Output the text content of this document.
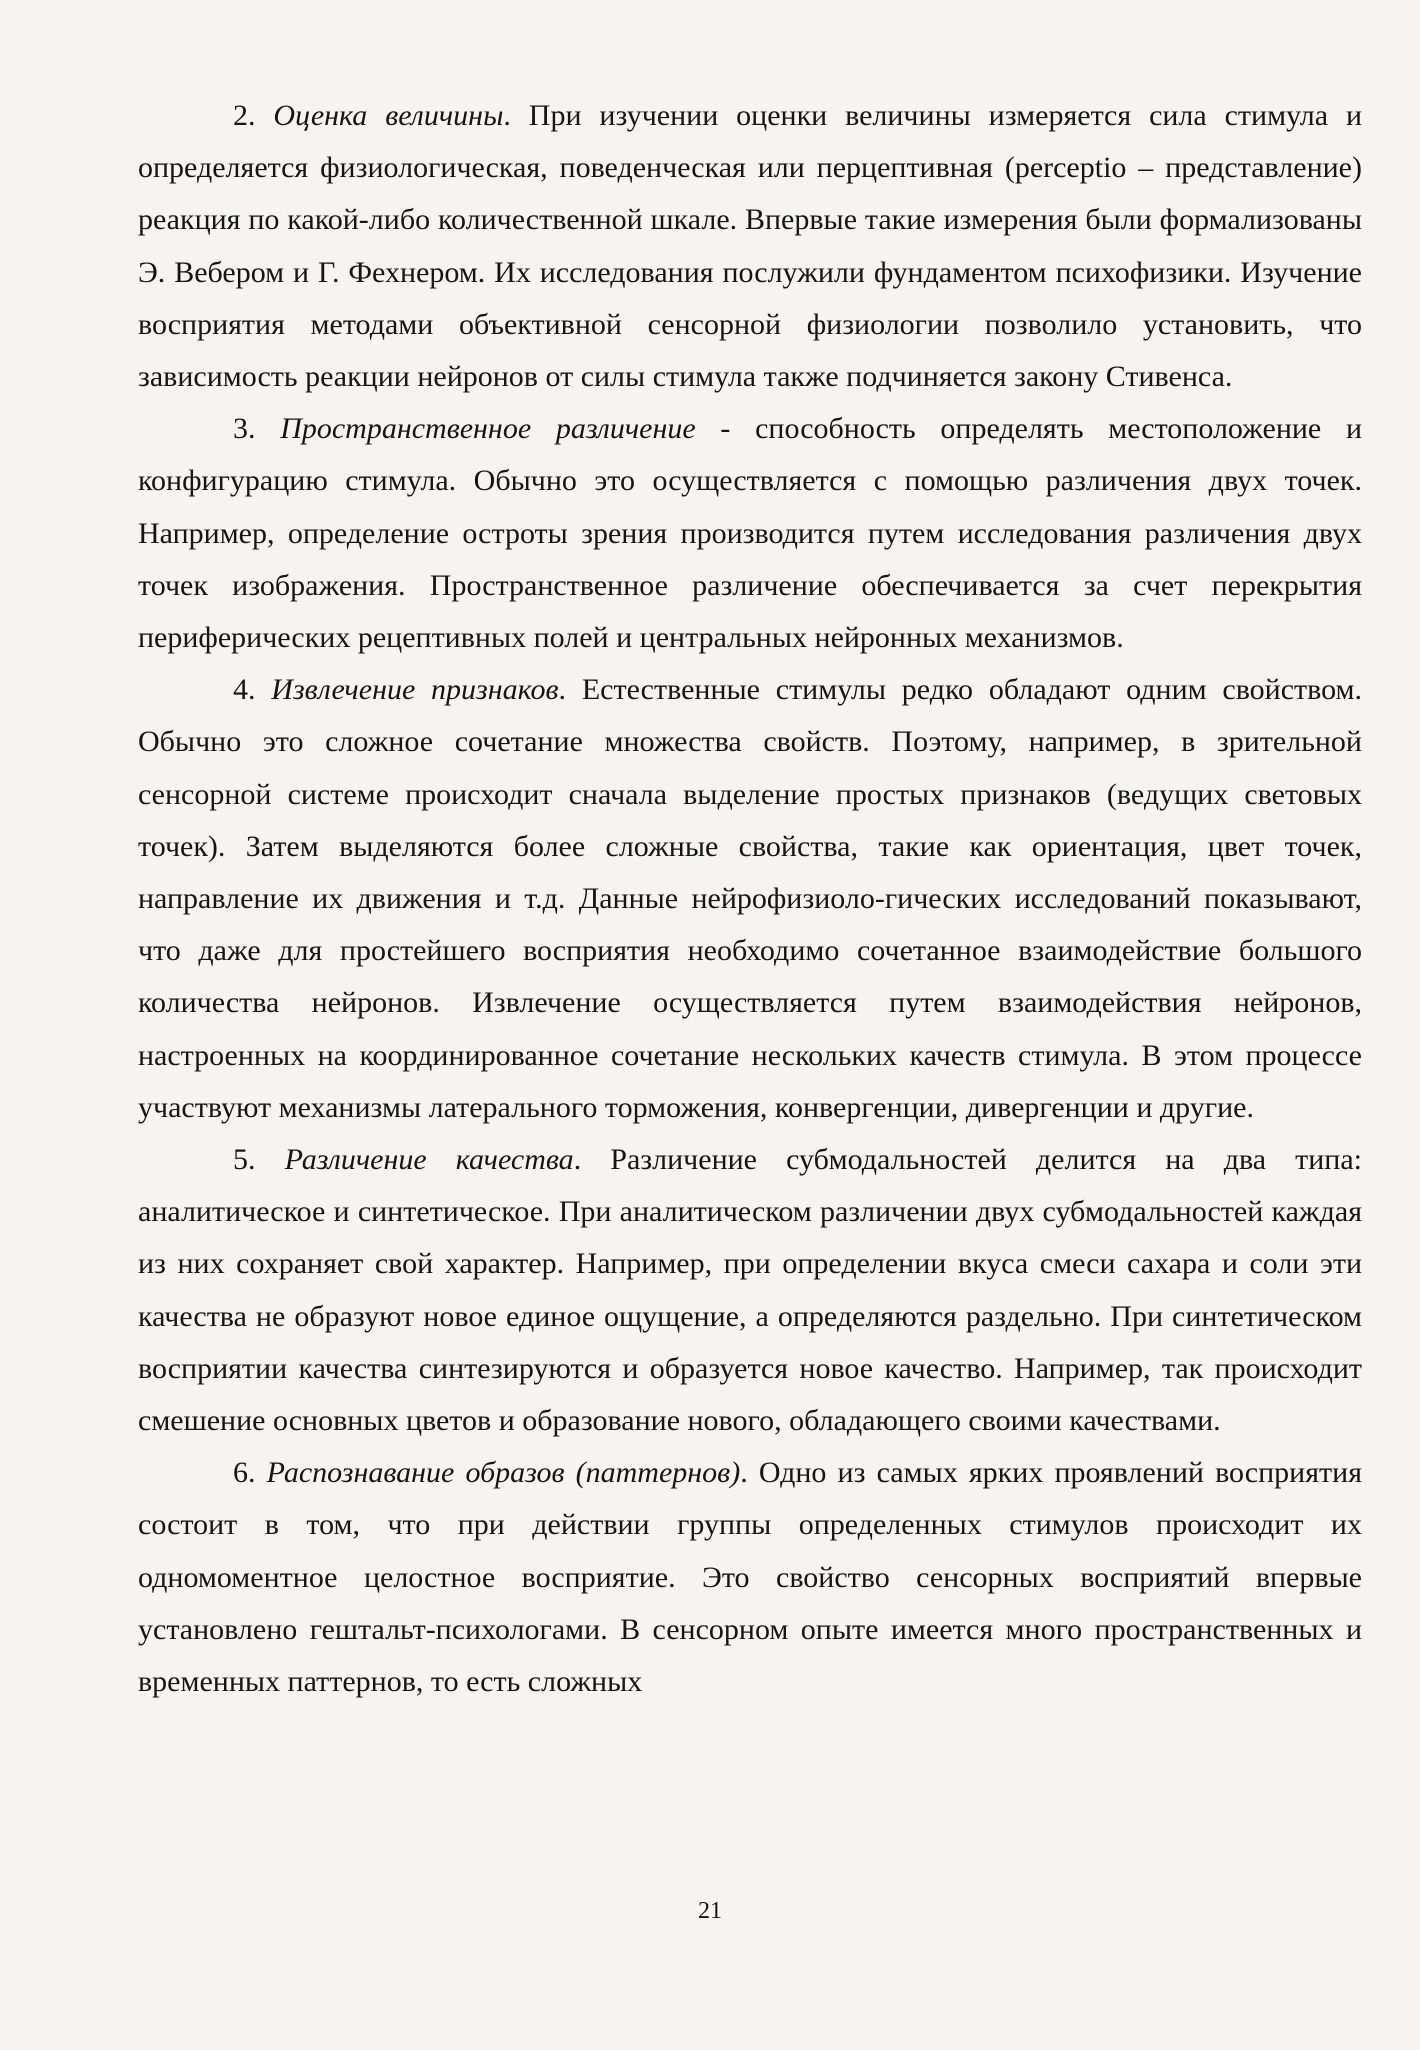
2. Оценка величины. При изучении оценки величины измеряется сила стимула и определяется физиологическая, поведенческая или перцептивная (perceptio – представление) реакция по какой-либо количественной шкале. Впервые такие измерения были формализованы Э. Вебером и Г. Фехнером. Их исследования послужили фундаментом психофизики. Изучение восприятия методами объективной сенсорной физиологии позволило установить, что зависимость реакции нейронов от силы стимула также подчиняется закону Стивенса.

3. Пространственное различение - способность определять местоположение и конфигурацию стимула. Обычно это осуществляется с помощью различения двух точек. Например, определение остроты зрения производится путем исследования различения двух точек изображения. Пространственное различение обеспечивается за счет перекрытия периферических рецептивных полей и центральных нейронных механизмов.

4. Извлечение признаков. Естественные стимулы редко обладают одним свойством. Обычно это сложное сочетание множества свойств. Поэтому, например, в зрительной сенсорной системе происходит сначала выделение простых признаков (ведущих световых точек). Затем выделяются более сложные свойства, такие как ориентация, цвет точек, направление их движения и т.д. Данные нейрофизиоло-гических исследований показывают, что даже для простейшего восприятия необходимо сочетанное взаимодействие большого количества нейронов. Извлечение осуществляется путем взаимодействия нейронов, настроенных на координированное сочетание нескольких качеств стимула. В этом процессе участвуют механизмы латерального торможения, конвергенции, дивергенции и другие.

5. Различение качества. Различение субмодальностей делится на два типа: аналитическое и синтетическое. При аналитическом различении двух субмодальностей каждая из них сохраняет свой характер. Например, при определении вкуса смеси сахара и соли эти качества не образуют новое единое ощущение, а определяются раздельно. При синтетическом восприятии качества синтезируются и образуется новое качество. Например, так происходит смешение основных цветов и образование нового, обладающего своими качествами.

6. Распознавание образов (паттернов). Одно из самых ярких проявлений восприятия состоит в том, что при действии группы определенных стимулов происходит их одномоментное целостное восприятие. Это свойство сенсорных восприятий впервые установлено гештальт-психологами. В сенсорном опыте имеется много пространственных и временных паттернов, то есть сложных

21
